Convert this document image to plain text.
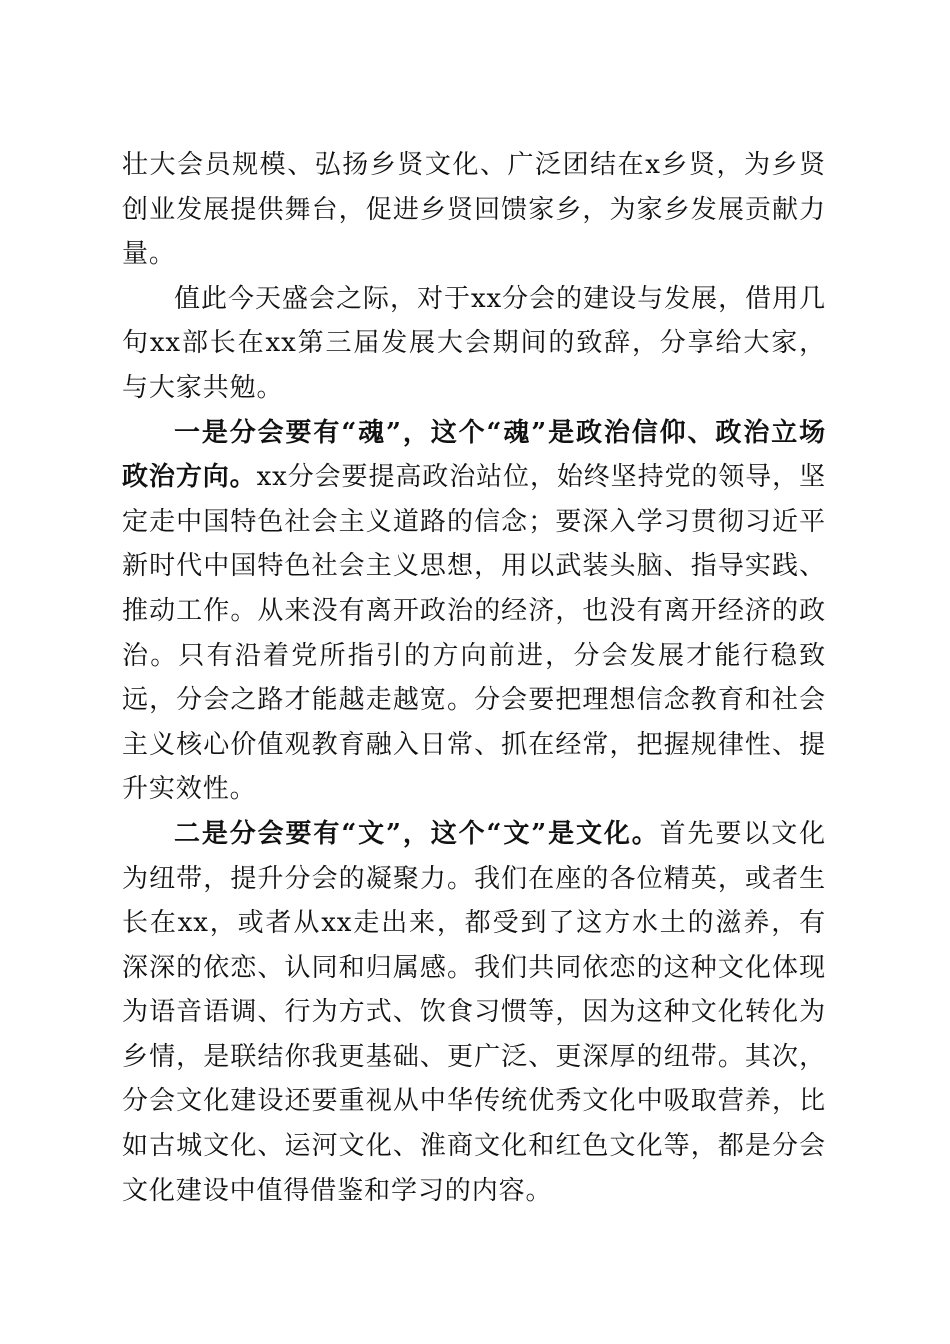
壮大会员规模、弘扬乡贤文化、广泛团结在x乡贤，为乡贤创业发展提供舞台，促进乡贤回馈家乡，为家乡发展贡献力量。

值此今天盛会之际，对于xx分会的建设与发展，借用几句xx部长在xx第三届发展大会期间的致辞，分享给大家，与大家共勉。

一是分会要有“魂”，这个“魂”是政治信仰、政治立场政治方向。xx分会要提高政治站位，始终坚持党的领导，坚定走中国特色社会主义道路的信念；要深入学习贯彻习近平新时代中国特色社会主义思想，用以武装头脑、指导实践、推动工作。从来没有离开政治的经济，也没有离开经济的政治。只有沿着党所指引的方向前进，分会发展才能行稳致远，分会之路才能越走越宽。分会要把理想信念教育和社会主义核心价值观教育融入日常、抓在经常，把握规律性、提升实效性。

二是分会要有“文”，这个“文”是文化。首先要以文化为纽带，提升分会的凝聚力。我们在座的各位精英，或者生长在xx，或者从xx走出来，都受到了这方水土的滋养，有深深的依恋、认同和归属感。我们共同依恋的这种文化体现为语音语调、行为方式、饮食习惯等，因为这种文化转化为乡情，是联结你我更基础、更广泛、更深厚的纽带。其次，分会文化建设还要重视从中华传统优秀文化中吸取营养，比如古城文化、运河文化、淮商文化和红色文化等，都是分会文化建设中值得借鉴和学习的内容。
